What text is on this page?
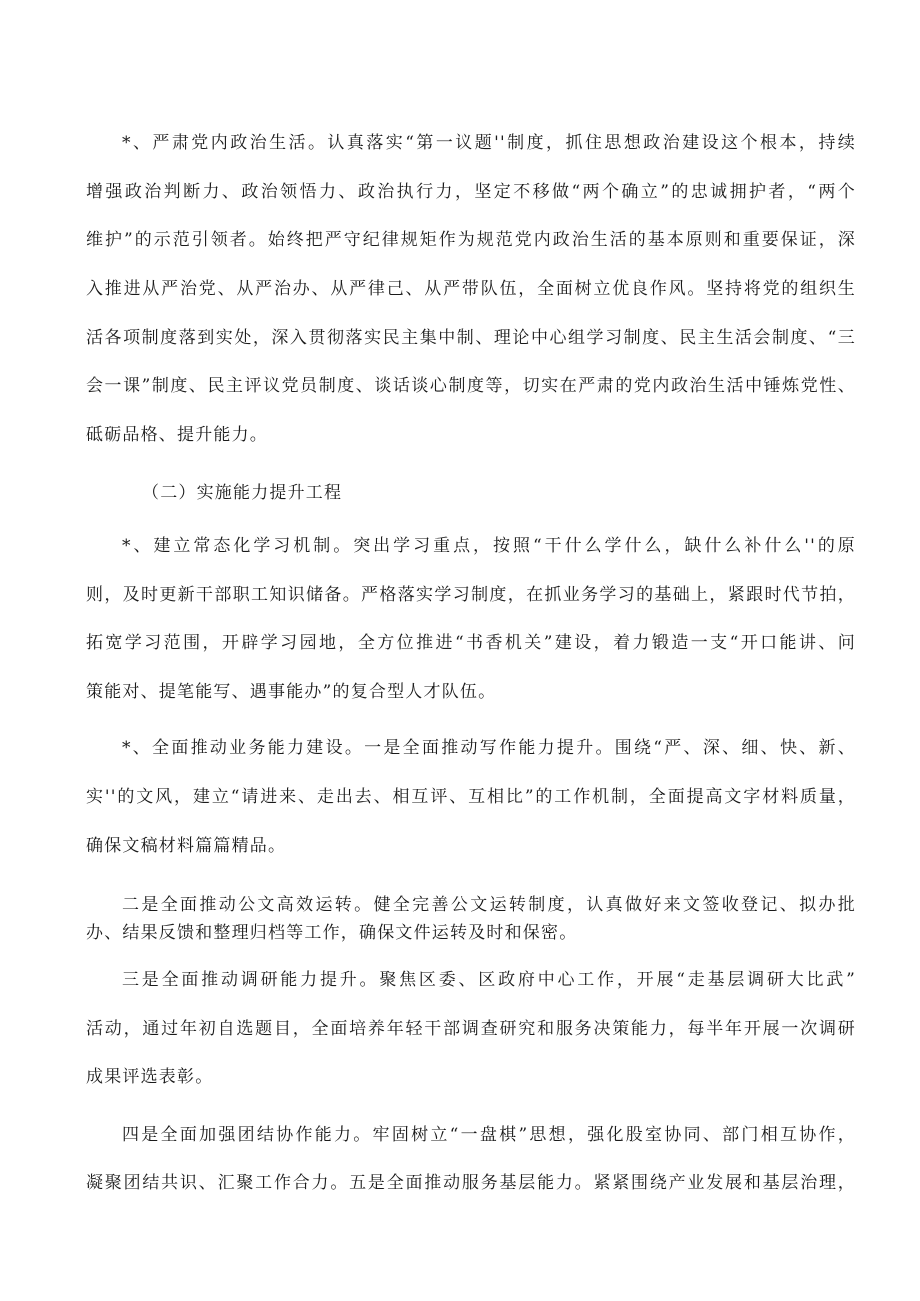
*、严肃党内政治生活。认真落实“第一议题''制度，抓住思想政治建设这个根本，持续
增强政治判断力、政治领悟力、政治执行力，坚定不移做“两个确立”的忠诚拥护者，“两个
维护”的示范引领者。始终把严守纪律规矩作为规范党内政治生活的基本原则和重要保证，深
入推进从严治党、从严治办、从严律己、从严带队伍，全面树立优良作风。坚持将党的组织生
活各项制度落到实处，深入贯彻落实民主集中制、理论中心组学习制度、民主生活会制度、“三
会一课”制度、民主评议党员制度、谈话谈心制度等，切实在严肃的党内政治生活中锤炼党性、
砥砺品格、提升能力。
（二）实施能力提升工程
*、建立常态化学习机制。突出学习重点，按照“干什么学什么，缺什么补什么''的原
则，及时更新干部职工知识储备。严格落实学习制度，在抓业务学习的基础上，紧跟时代节拍，
拓宽学习范围，开辟学习园地，全方位推进“书香机关”建设，着力锻造一支“开口能讲、问
策能对、提笔能写、遇事能办”的复合型人才队伍。
*、全面推动业务能力建设。一是全面推动写作能力提升。围绕“严、深、细、快、新、
实''的文风，建立“请进来、走出去、相互评、互相比”的工作机制，全面提高文字材料质量，
确保文稿材料篇篇精品。
二是全面推动公文高效运转。健全完善公文运转制度，认真做好来文签收登记、拟办批
办、结果反馈和整理归档等工作，确保文件运转及时和保密。
三是全面推动调研能力提升。聚焦区委、区政府中心工作，开展“走基层调研大比武”
活动，通过年初自选题目，全面培养年轻干部调查研究和服务决策能力，每半年开展一次调研
成果评选表彰。
四是全面加强团结协作能力。牢固树立“一盘棋”思想，强化股室协同、部门相互协作，
凝聚团结共识、汇聚工作合力。五是全面推动服务基层能力。紧紧围绕产业发展和基层治理，
